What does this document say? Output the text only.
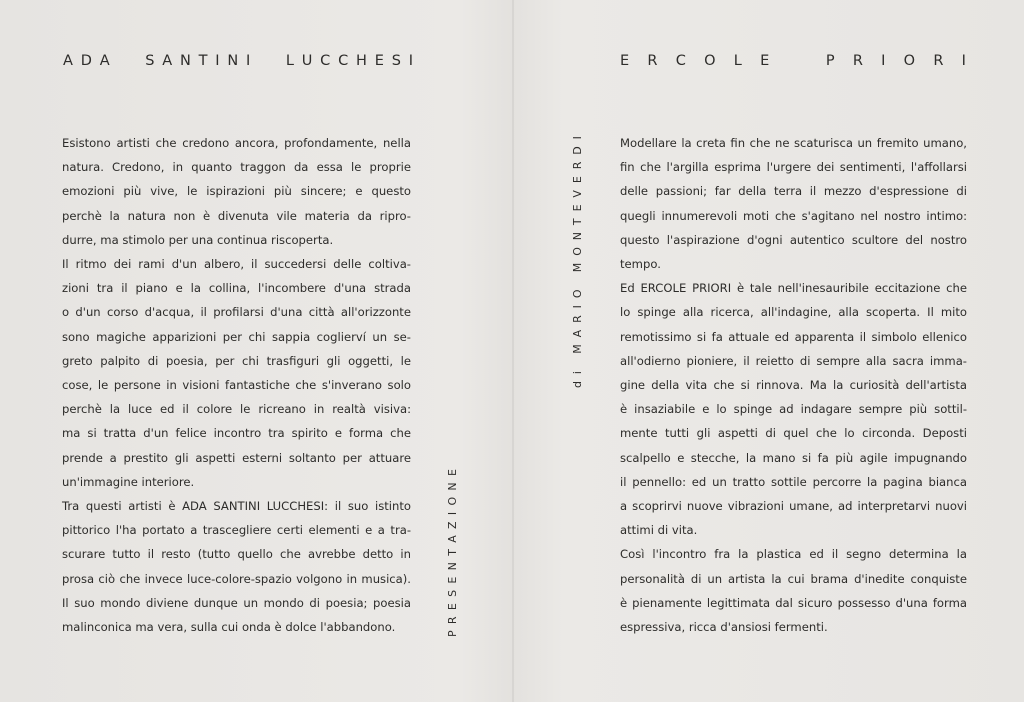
A D A
S A N T I N I
L U C C H E S I	E R C O L E
	P R I O R I

Esistono artisti che credono ancora, profondamente, nella

natura. Credono, in quanto traggon da essa le proprie

emozioni più vive, le ispirazioni più sincere; e questo

perchè la natura non è divenuta vile materia da ripro-

durre, ma stimolo per una continua riscoperta.

Il ritmo dei rami d'un albero, il succedersi delle coltiva-

zioni tra il piano e la collina, l'incombere d'una strada

o d'un corso d'acqua, il profilarsi d'una città all'orizzonte

sono magiche apparizioni per chi sappia coglierví un se-

greto palpito di poesia, per chi trasfiguri gli oggetti, le

cose, le persone in visioni fantastiche che s'inverano solo

perchè la luce ed il colore le ricreano in realtà visiva:

ma si tratta d'un felice incontro tra spirito e forma che

prende a prestito gli aspetti esterni soltanto per attuare

un'immagine interiore.

Tra questi artisti è ADA SANTINI LUCCHESI: il suo istinto

pittorico l'ha portato a trascegliere certi elementi e a tra-

scurare tutto il resto (tutto quello che avrebbe detto in

prosa ciò che invece luce-colore-spazio volgono in musica).

Il suo mondo diviene dunque un mondo di poesia; poesia

malinconica ma vera, sulla cui onda è dolce l'abbandono.	P
R
E
S
E
N
T
A
Z
I
O
N
E
d
i

M
A
R
I
O

M
O
N
T
E
V
E
R
D
I	Modellare la creta fin che ne scaturisca un fremito umano,

fin che l'argilla esprima l'urgere dei sentimenti, l'affollarsi

delle passioni; far della terra il mezzo d'espressione di

quegli innumerevoli moti che s'agitano nel nostro intimo:

questo l'aspirazione d'ogni autentico scultore del nostro

tempo.

Ed ERCOLE PRIORI è tale nell'inesauribile eccitazione che

lo spinge alla ricerca, all'indagine, alla scoperta. Il mito

remotissimo si fa attuale ed apparenta il simbolo ellenico

all'odierno pioniere, il reietto di sempre alla sacra imma-

gine della vita che si rinnova. Ma la curiosità dell'artista

è insaziabile e lo spinge ad indagare sempre più sottil-

mente tutti gli aspetti di quel che lo circonda. Deposti

scalpello e stecche, la mano si fa più agile impugnando

il pennello: ed un tratto sottile percorre la pagina bianca

a scoprirvi nuove vibrazioni umane, ad interpretarvi nuovi

attimi di vita.

Così l'incontro fra la plastica ed il segno determina la

personalità di un artista la cui brama d'inedite conquiste

è pienamente legittimata dal sicuro possesso d'una forma

espressiva, ricca d'ansiosi fermenti.
